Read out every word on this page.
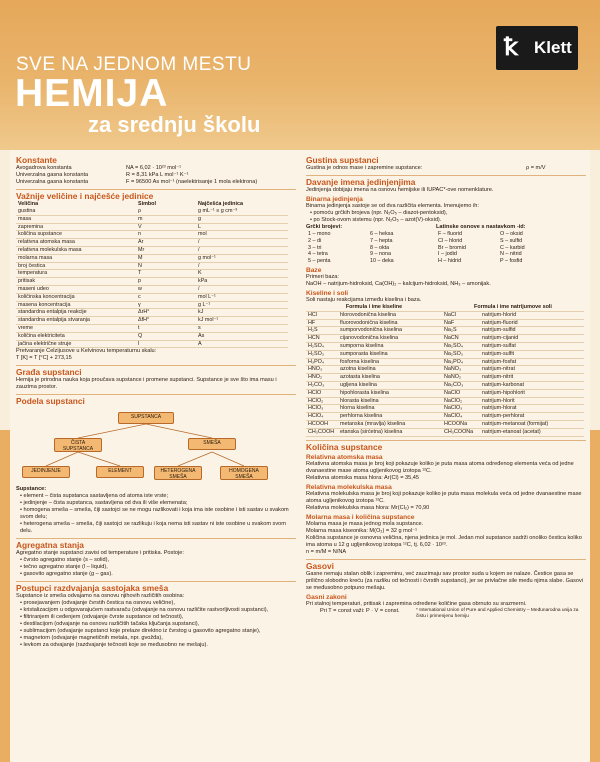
SVE NA JEDNOM MESTU
HEMIJA
za srednju školu
ꝁ Klett
Konstante
Avogadrova konstanta	NA = 6,02 · 10²³ mol⁻¹
Univerzalna gasna konstanta	R = 8,31 kPa L mol⁻¹ K⁻¹
Univerzalna gasna konstanta	F = 96500 As mol⁻¹ (naelektrisanje 1 mola elektrona)
Važnije veličine i najčešće jedinice
Veličina	Simbol	Najčešća jedinica
gustina	ρ	g mL⁻¹ ≡ g cm⁻³
masa	m	g
zapremina	V	L
količina supstance	n	mol
relativna atomska masa	Ar	/
relativna molekulska masa	Mr	/
molarna masa	M	g mol⁻¹
broj čestica	N	/
temperatura	T	K
pritisak	p	kPa
maseni udeo	w	/
količinska koncentracija	c	mol L⁻¹
masena koncentracija	γ	g L⁻¹
standardna entalpija reakcije	ΔrH°	kJ
standardna entalpija stvaranja	ΔfH°	kJ mol⁻¹
vreme	t	s
količina elektriciteta	Q	As
jačina električne struje	I	A
Pretvaranje Celzijusove u Kelvinovu temperaturnu skalu:
T [K] = T [°C] + 273,15
Građa supstanci
Hemija je prirodna nauka koja proučava supstance i promene supstanci. Supstance je sve što ima masu i zauzima prostor.
Podela supstanci
SUPSTANCA
ČISTA SUPSTANCA
SMEŠA
JEDINJENJE	ELEMENT	HETEROGENA SMEŠA
HOMOGENA SMEŠA
Supstance:
• element – čista supstanca sastavljena od atoma iste vrste;
• jedinjenje – čista supstanca, sastavljena od dva ili više elemenata;
• homogena smeša – smeša, čiji sastojci se ne mogu razlikovati i koja ima iste osobine i isti sastav u svakom svom delu;
• heterogena smeša – smeša, čiji sastojci se razlikuju i koja nema isti sastav ni iste osobine u svakom svom delu.
Agregatna stanja
Agregatno stanje supstanci zavisi od temperature i pritiska. Postoje:
• čvrsto agregatno stanje (s – solid),
• tečno agregatno stanje (l – liquid),
• gasovito agregatno stanje (g – gas).
Postupci razdvajanja sastojaka smeša
Supstance iz smeša odvajamo na osnovu njihovih različitih osobina:
• prosejavanjem (odvajanje čvrstih čestica na osnovu veličine),
• kristalizacijom u odgovarajućem rastvaraču (odvajanje na osnovu različite rastvorljivosti supstanci),
• filtriranjem ili ceđenjem (odvajanje čvrste supstance od tečnosti),
• destilacijom (odvajanje na osnovu različitih tačaka ključanja supstanci),
• sublimacijom (odvajanje supstanci koje prelaze direktno iz čvrstog u gasovito agregatno stanje),
• magnetom (odvajanje magnetičnih metala, npr. gvožđa),
• levkom za odvajanje (razdvajanje tečnosti koje se međusobno ne mešaju).
Gustina supstanci
Gustina je odnos mase i zapremine supstance:	ρ = m/V
Davanje imena jedinjenjima
Jedinjenja dobijaju imena na osnovu hemijske ili IUPAC*-ove nomenklature.
Binarna jedinjenja
Binarna jedinjenja sastoje se od dva različita elementa. Imenujemo ih:
• pomoću grčkih brojeva (npr. N₂O₅ – diazot-pentoksid),
• po Stock-ovom sistemu (npr. N₂O₅ – azot(V)-oksid).
Grčki brojevi:
1 – mono	6 – heksa
2 – di	7 – hepta
3 – tri	8 – okta
4 – tetra	9 – nona
5 – penta	10 – deka
Latinske osnove s nastavkom -id:
F – fluorid	O – oksid
Cl – hlorid	S – sulfid
Br – bromid	C – karbid
I – jodid	N – nitrid
H – hidrid	P – fosfid
Baze
Primeri baza:
NaOH – natrijum-hidroksid, Ca(OH)₂ – kalcijum-hidroksid, NH₃ – amonijak.
Kiseline i soli
Soli nastaju reakcijama između kiselina i baza.
Formula i ime kiseline		Formula i ime natrijumove soli	
HCl	hlorovodonična kiselina	NaCl	natrijum-hlorid
HF	fluorovodonična kiselina	NaF	natrijum-fluorid
H₂S	sumporvodonična kiselina	Na₂S	natrijum-sulfid
HCN	cijanovodonična kiselina	NaCN	natrijum-cijanid
H₂SO₄	sumporna kiselina	Na₂SO₄	natrijum-sulfat
H₂SO₃	sumporasta kiselina	Na₂SO₃	natrijum-sulfit
H₃PO₄	fosforna kiselina	Na₃PO₄	natrijum-fosfat
HNO₃	azotna kiselina	NaNO₃	natrijum-nitrat
HNO₂	azotasta kiselina	NaNO₂	natrijum-nitrit
H₂CO₃	ugljena kiselina	Na₂CO₃	natrijum-karbonat
HClO	hipohlorasta kiselina	NaClO	natrijum-hipohlorit
HClO₂	hlorasta kiselina	NaClO₂	natrijum-hlorit
HClO₃	hlorna kiselina	NaClO₃	natrijum-hlorat
HClO₄	perhlorna kiselina	NaClO₄	natrijum-perhlorat
HCOOH	metanska (mravlja) kiselina	HCOONa	natrijum-metanoat (formijat)
CH₃COOH	etanska (sirćetna) kiselina	CH₃COONa	natrijum-etanoat (acetat)
Količina supstance
Relativna atomska masa
Relativna atomska masa je broj koji pokazuje koliko je puta masa atoma određenog elementa veća od jedne dvanaestine mase atoma ugljenikovog izotopa ¹²C.
Relativna atomska masa hlora: Ar(Cl) = 35,45
Relativna molekulska masa
Relativna molekulska masa je broj koji pokazuje koliko je puta masa molekula veća od jedne dvanaestine mase atoma ugljenikovog izotopa ¹²C.
Relativna molekulska masa hlora: Mr(Cl₂) = 70,90
Molarna masa i količina supstance
Molarna masa je masa jednog mola supstance.
Molarna masa kiseonika: M(O₂) = 32 g mol⁻¹
Količina supstance je osnovna veličina, njena jedinica je mol. Jedan mol supstance sadrži onoliko čestica koliko ima atoma u 12 g ugljenikovog izotopa ¹²C, tj. 6,02 · 10²³.
n = m/M = N/NA
Gasovi
Gasne nemaju stalan oblik i zapreminu, već zauzimaju sav prostor suda u kojem se nalaze. Čestice gasa se prilično slobodno kreću (za razliku od tečnosti i čvrstih supstanci), jer se privlačne sile među njima slabe. Gasovi se međusobno potpuno mešaju.
Gasni zakoni
Pri stalnoj temperaturi, pritisak i zapremina određene količine gasa obrnuto su srazmerni.
Pri T = const važi: P · V = const.	* International Union of Pure and Applied Chemistry – Međunarodna unija za čistu i primenjenu hemiju
